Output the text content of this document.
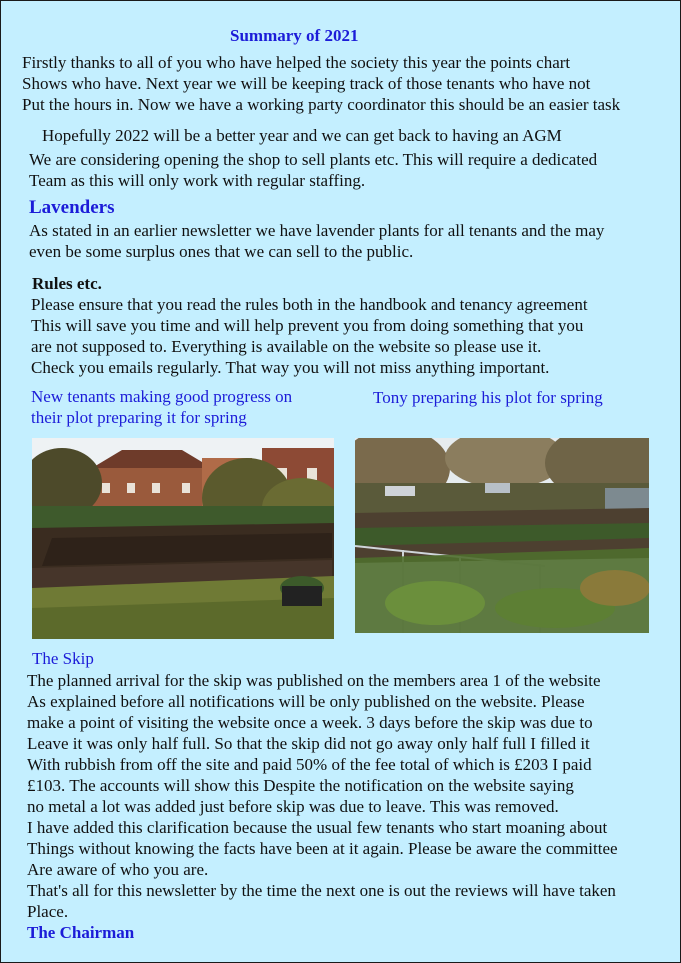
Summary of 2021
Firstly thanks to all of you who have helped the society this year the points chart
Shows who have. Next year we will be keeping track of those tenants who have not
Put the hours in. Now we have a working party coordinator this should be an easier task
Hopefully 2022 will be a better year and we can get back to having an AGM
We are considering opening the shop to sell plants etc. This will require a dedicated
Team as this will only work with regular staffing.
Lavenders
As stated in an earlier newsletter we have lavender plants for all tenants and the may
even be some surplus ones that we can sell to the public.
Rules etc.
Please ensure that you read the rules both in the handbook and tenancy agreement
This will save you time and will help prevent you from doing something that you
are not supposed to. Everything is available on the website so please use it.
Check you emails regularly. That way you will not miss anything important.
New tenants making good progress on
their plot preparing it for spring
Tony preparing his plot for spring
The Skip
The planned arrival for the skip was published on the members area 1 of the website
As explained before all notifications will be only published on the website. Please
make a point of visiting the website once a week. 3 days before the skip was due to
Leave it was only half full. So that the skip did not go away only half full I filled it
With rubbish from off the site and paid 50% of the fee total of which is £203 I paid
£103. The accounts will show this Despite the notification on the website saying
no metal a lot was added just before skip was due to leave. This was removed.
I have added this clarification because the usual few tenants who start moaning about
Things without knowing the facts have been at it again. Please be aware the committee
Are aware of who you are.
That's all for this newsletter by the time the next one is out the reviews will have taken
Place.
The Chairman
